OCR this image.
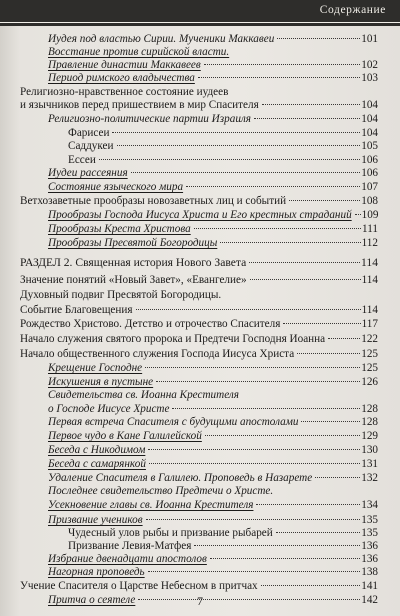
Содержание
Иудея под властью Сирии. Мученики Маккавеи	101
Восстание против сирийской власти.
Правление династии Маккавеев	102
Период римского владычества	103
Религиозно-нравственное состояние иудеев
и язычников перед пришествием в мир Спасителя	104
Религиозно-политические партии Израиля	104
Фарисеи	104
Саддукеи	105
Ессеи	106
Иудеи рассеяния	106
Состояние языческого мира	107
Ветхозаветные прообразы новозаветных лиц и событий	108
Прообразы Господа Иисуса Христа и Его крестных страданий 109
Прообразы Креста Христова	111
Прообразы Пресвятой Богородицы	112
РАЗДЕЛ 2. Священная история Нового Завета	114
Значение понятий «Новый Завет», «Евангелие»	114
Духовный подвиг Пресвятой Богородицы.
Событие Благовещения	114
Рождество Христово. Детство и отрочество Спасителя	117
Начало служения святого пророка и Предтечи Господня Иоанна	122
Начало общественного служения Господа Иисуса Христа	125
Крещение Господне	125
Искушения в пустыне	126
Свидетельства св. Иоанна Крестителя
о Господе Иисусе Христе	128
Первая встреча Спасителя с будущими апостолами	128
Первое чудо в Кане Галилейской	129
Беседа с Никодимом	130
Беседа с самарянкой	131
Удаление Спасителя в Галилею. Проповедь в Назарете	132
Последнее свидетельство Предтечи о Христе.
Усекновение главы св. Иоанна Крестителя	134
Призвание учеников	135
Чудесный улов рыбы и призвание рыбарей	135
Призвание Левия-Матфея	136
Избрание двенадцати апостолов	136
Нагорная проповедь	138
Учение Спасителя о Царстве Небесном в притчах	141
Притча о сеятеле	142
7
